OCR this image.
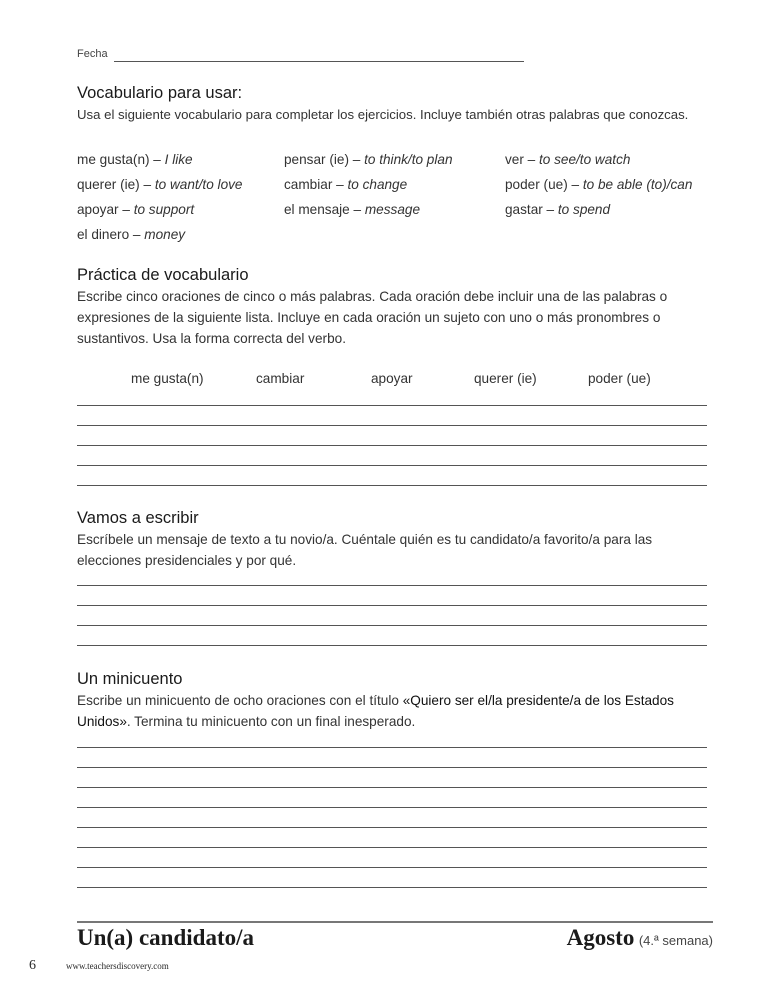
Fecha
Vocabulario para usar:
Usa el siguiente vocabulario para completar los ejercicios. Incluye también otras palabras que conozcas.
me gusta(n) – I like	pensar (ie) – to think/to plan	ver – to see/to watch
querer (ie) – to want/to love	cambiar – to change	poder (ue) – to be able (to)/can
apoyar – to support	el mensaje – message	gastar – to spend
el dinero – money
Práctica de vocabulario
Escribe cinco oraciones de cinco o más palabras. Cada oración debe incluir una de las palabras o expresiones de la siguiente lista. Incluye en cada oración un sujeto con uno o más pronombres o sustantivos. Usa la forma correcta del verbo.
me gusta(n)	cambiar	apoyar	querer (ie)	poder (ue)
Vamos a escribir
Escríbele un mensaje de texto a tu novio/a. Cuéntale quién es tu candidato/a favorito/a para las elecciones presidenciales y por qué.
Un minicuento
Escribe un minicuento de ocho oraciones con el título «Quiero ser el/la presidente/a de los Estados Unidos». Termina tu minicuento con un final inesperado.
Un(a) candidato/a	Agosto (4.ª semana)
6	www.teachersdiscovery.com
